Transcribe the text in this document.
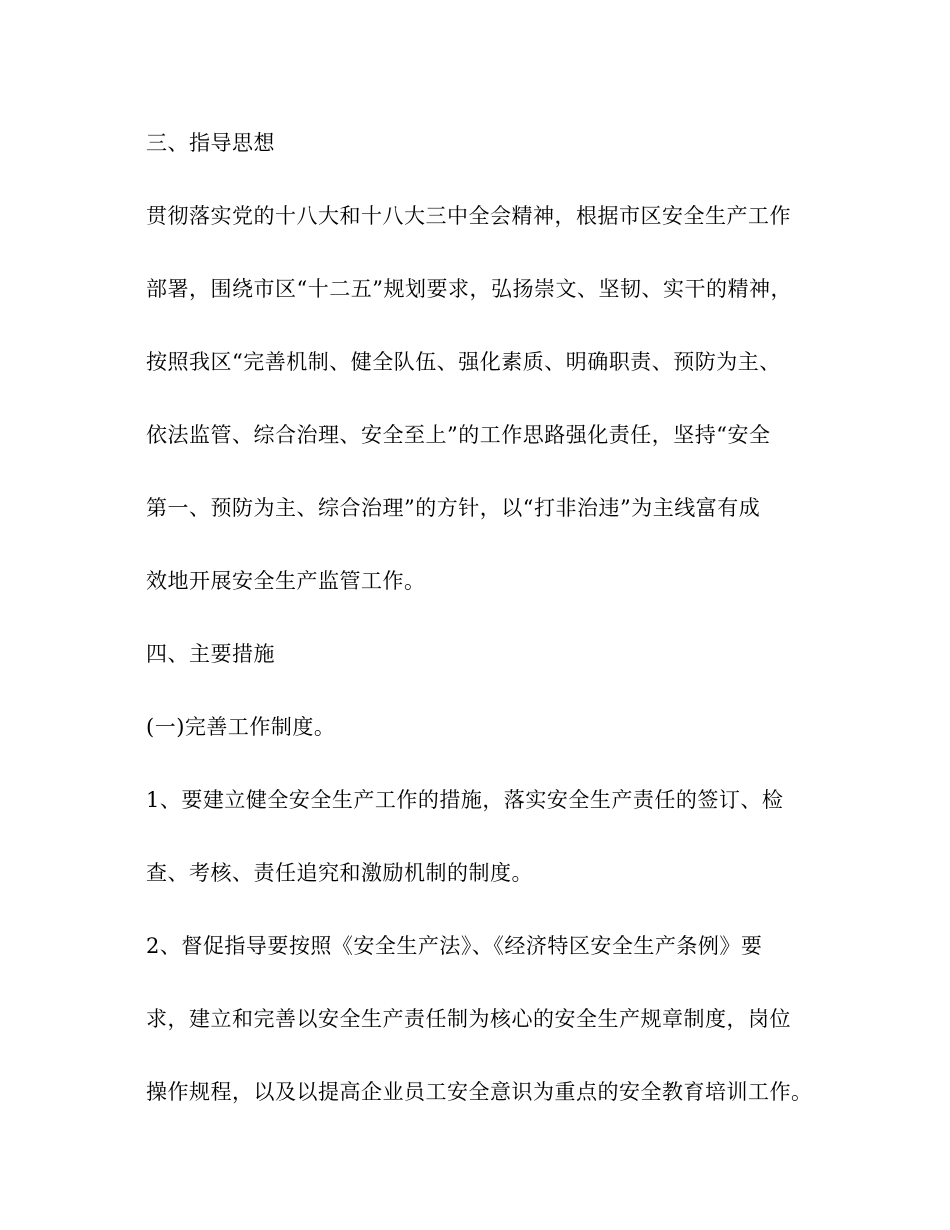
三、指导思想
贯彻落实党的十八大和十八大三中全会精神，根据市区安全生产工作
部署，围绕市区“十二五”规划要求，弘扬崇文、坚韧、实干的精神，
按照我区“完善机制、健全队伍、强化素质、明确职责、预防为主、
依法监管、综合治理、安全至上”的工作思路强化责任，坚持“安全
第一、预防为主、综合治理”的方针，以“打非治违”为主线富有成
效地开展安全生产监管工作。
四、主要措施
(一)完善工作制度。
1、要建立健全安全生产工作的措施，落实安全生产责任的签订、检
查、考核、责任追究和激励机制的制度。
2、督促指导要按照《安全生产法》、《经济特区安全生产条例》要
求，建立和完善以安全生产责任制为核心的安全生产规章制度，岗位
操作规程，以及以提高企业员工安全意识为重点的安全教育培训工作。
